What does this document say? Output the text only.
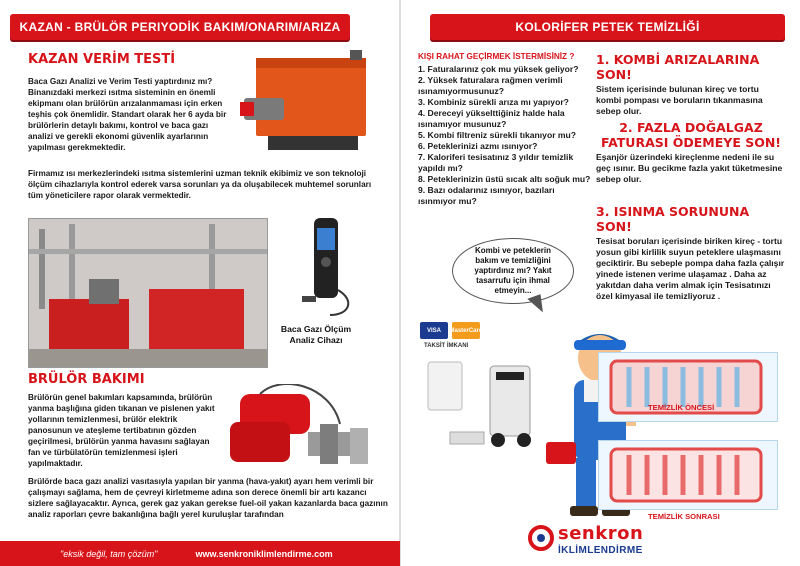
KAZAN - BRÜLÖR PERIYODİK BAKIM/ONARIM/ARIZA
KAZAN VERİM TESTİ

Baca Gazı Analizi ve Verim Testi yaptırdınız mı? Binanızdaki merkezi ısıtma sisteminin en önemli ekipmanı olan brülörün arızalanmaması için erken teşhis çok önemlidir. Standart olarak her 6 ayda bir brülörlerin detaylı bakımı, kontrol ve baca gazı analizi ve gerekli ekonomi güvenlik ayarlarının yapılması gerekmektedir.

Firmamız ısı merkezlerindeki ısıtma sistemlerini uzman teknik ekibimiz ve son teknoloji ölçüm cihazlarıyla kontrol ederek varsa sorunları ya da oluşabilecek muhtemel sorunları tüm yöneticilere rapor olarak vermektedir.

Baca Gazı Ölçüm Analiz Cihazı
BRÜLÖR BAKIMI

Brülörün genel bakımları kapsamında, brülörün yanma başlığına giden tıkanan ve pislenen yakıt yollarının temizlenmesi, brülör elektrik panosunun ve ateşleme tertibatının gözden geçirilmesi, brülörün yanma havasını sağlayan fan ve türbülatörün temizlenmesi işleri yapılmaktadır.

Brülörde baca gazı analizi vasıtasıyla yapılan bir yanma (hava-yakıt) ayarı hem verimli bir çalışmayı sağlama, hem de çevreyi kirletmeme adına son derece önemli bir artı kazancı sizlere sağlayacaktır. Ayrıca, gerek gaz yakan gerekse fuel-oil yakan kazanlarda baca gazının analiz raporları çevre bakanlığına bağlı yerel kuruluşlar tarafından

"eksik değil, tam çözüm"	www.senkroniklimlendirme.com
KOLORİFER PETEK TEMİZLİĞİ
KIŞI RAHAT GEÇİRMEK İSTERMİSİNİZ ?
1. Faturalarınız çok mu yüksek geliyor?
2. Yüksek faturalara rağmen verimli ısınamıyormusunuz?
3. Kombiniz sürekli arıza mı yapıyor?
4. Dereceyi yükselttiğiniz halde hala ısınamıyor musunuz?
5. Kombi filtreniz sürekli tıkanıyor mu?
6. Peteklerinizi azmı ısınıyor?
7. Kaloriferi tesisatınız 3 yıldır temizlik yapıldı mı?
8. Peteklerinizin üstü sıcak altı soğuk mu?
9. Bazı odalarınız ısınıyor, bazıları ısınmıyor mu?
1. KOMBİ ARIZALARINA SON!

Sistem içerisinde bulunan kireç ve tortu kombi pompası ve boruların tıkanmasına sebep olur.

2. FAZLA DOĞALGAZ FATURASI ÖDEMEYE SON!

Eşanjör üzerindeki kireçlenme nedeni ile su geç ısınır. Bu gecikme fazla yakıt tüketmesine sebep olur.

3. ISINMA SORUNUNA SON!

Tesisat boruları içerisinde biriken kireç - tortu yosun gibi kirlilik suyun peteklere ulaşmasını geciktirir. Bu sebeple pompa daha fazla çalışır yinede istenen verime ulaşamaz . Daha az yakıtdan daha verim almak için Tesisatınızı özel kimyasal ile temizliyoruz .

Kombi ve peteklerin bakım ve temizliğini yaptırdınız mı? Yakıt tasarrufu için ihmal etmeyin...
VISA	MasterCard
TAKSİT İMKANI
TEMİZLİK ÖNCESİ
TEMİZLİK SONRASI
senkron
İKLİMLENDİRME
